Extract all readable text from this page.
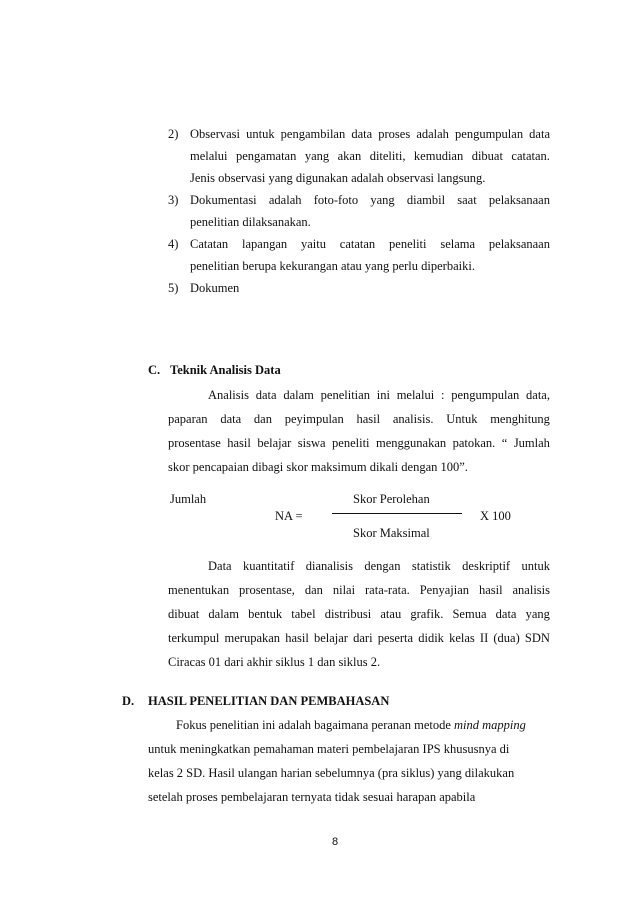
2) Observasi untuk pengambilan data proses adalah pengumpulan data
melalui pengamatan yang akan diteliti, kemudian dibuat catatan.
Jenis observasi yang digunakan adalah observasi langsung.
3) Dokumentasi adalah foto-foto yang diambil saat pelaksanaan
penelitian dilaksanakan.
4) Catatan lapangan yaitu catatan peneliti selama pelaksanaan
penelitian berupa kekurangan atau yang perlu diperbaiki.
5) Dokumen
C. Teknik Analisis Data
Analisis data dalam penelitian ini melalui : pengumpulan data,
paparan data dan peyimpulan hasil analisis. Untuk menghitung
prosentase hasil belajar siswa peneliti menggunakan patokan. “ Jumlah
skor pencapaian dibagi skor maksimum dikali dengan 100”.
Jumlah	Skor Perolehan
NA =	X 100
Skor Maksimal
Data kuantitatif dianalisis dengan statistik deskriptif untuk
menentukan prosentase, dan nilai rata-rata. Penyajian hasil analisis
dibuat dalam bentuk tabel distribusi atau grafik. Semua data yang
terkumpul merupakan hasil belajar dari peserta didik kelas II (dua) SDN
Ciracas 01 dari akhir siklus 1 dan siklus 2.
D. HASIL PENELITIAN DAN PEMBAHASAN
Fokus penelitian ini adalah bagaimana peranan metode mind mapping
untuk meningkatkan pemahaman materi pembelajaran IPS khususnya di
kelas 2 SD. Hasil ulangan harian sebelumnya (pra siklus) yang dilakukan
setelah proses pembelajaran ternyata tidak sesuai harapan apabila
8
